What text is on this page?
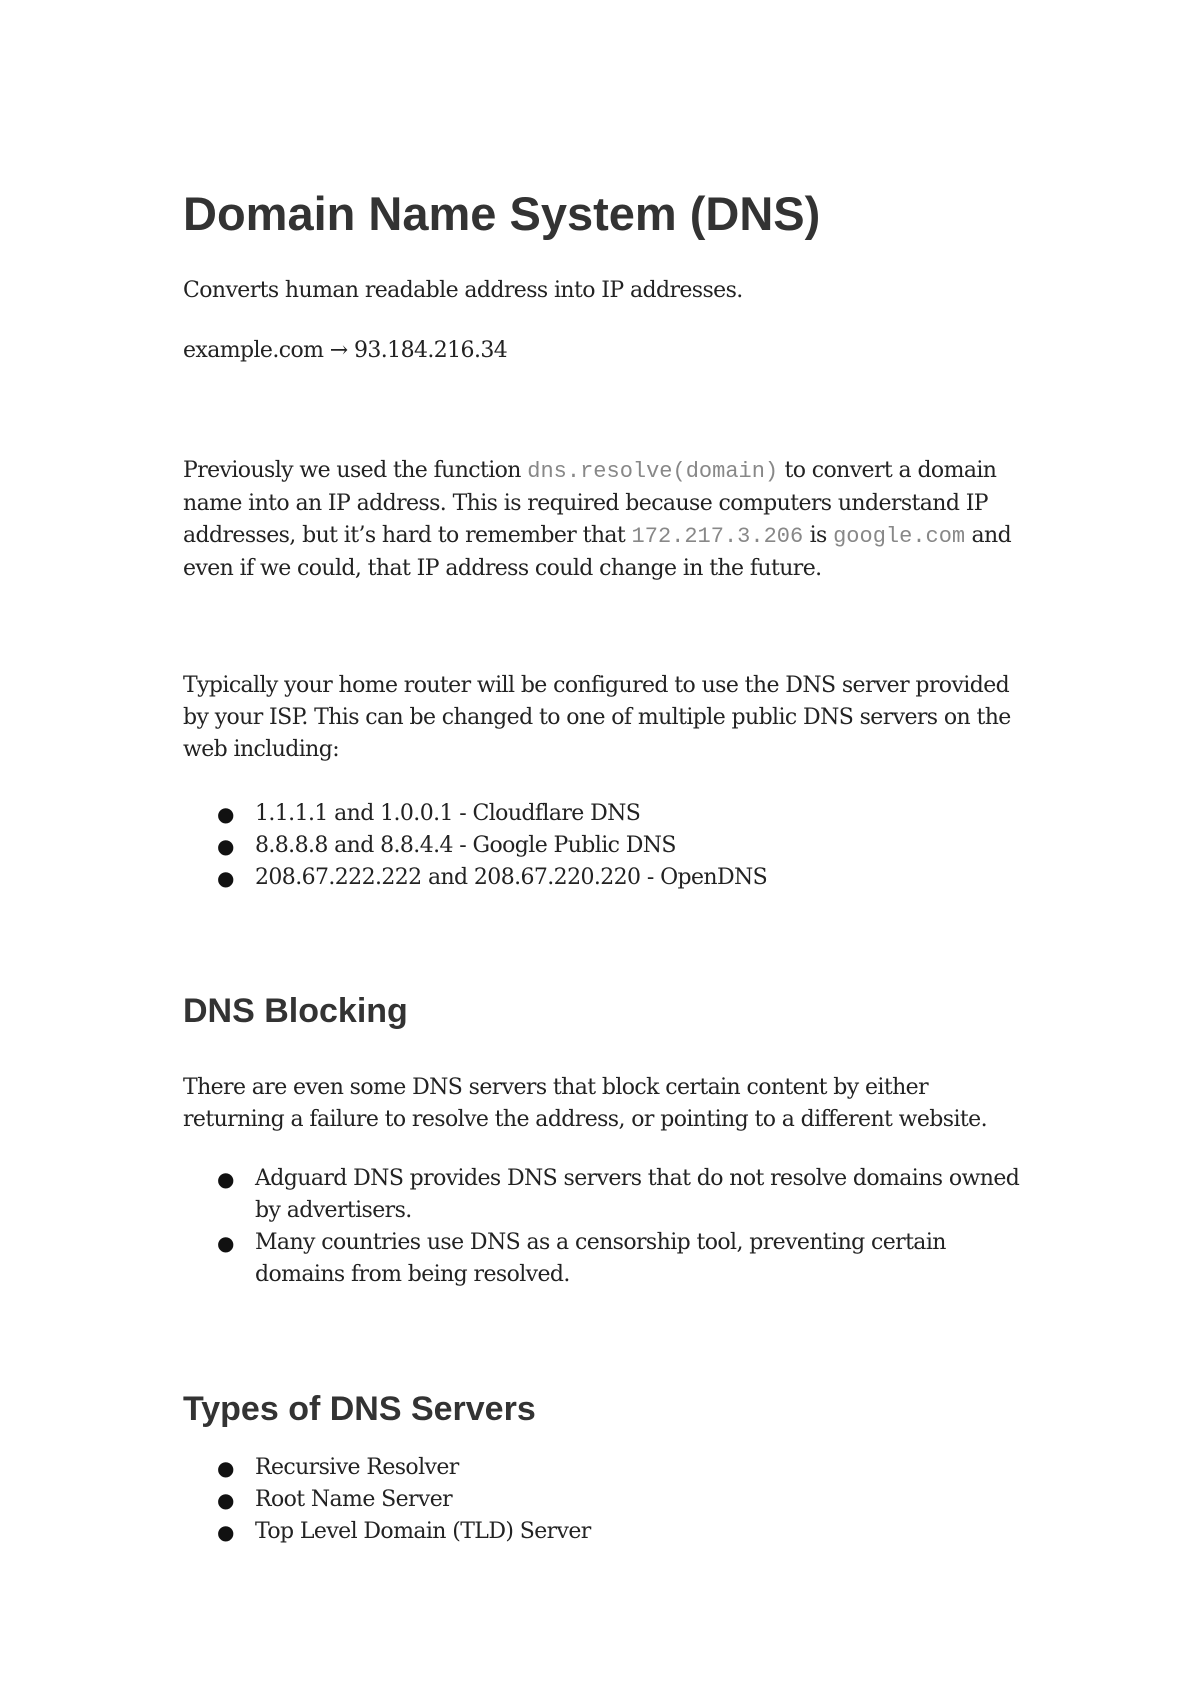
Domain Name System (DNS)

Converts human readable address into IP addresses.

example.com → 93.184.216.34

Previously we used the function dns.resolve(domain) to convert a domain name into an IP address. This is required because computers understand IP addresses, but it’s hard to remember that 172.217.3.206 is google.com and even if we could, that IP address could change in the future.

Typically your home router will be configured to use the DNS server provided by your ISP. This can be changed to one of multiple public DNS servers on the web including:

● 1.1.1.1 and 1.0.0.1 - Cloudflare DNS
● 8.8.8.8 and 8.8.4.4 - Google Public DNS
● 208.67.222.222 and 208.67.220.220 - OpenDNS
DNS Blocking

There are even some DNS servers that block certain content by either returning a failure to resolve the address, or pointing to a different website.

● Adguard DNS provides DNS servers that do not resolve domains owned by advertisers.
● Many countries use DNS as a censorship tool, preventing certain domains from being resolved.
Types of DNS Servers
● Recursive Resolver
● Root Name Server
● Top Level Domain (TLD) Server
